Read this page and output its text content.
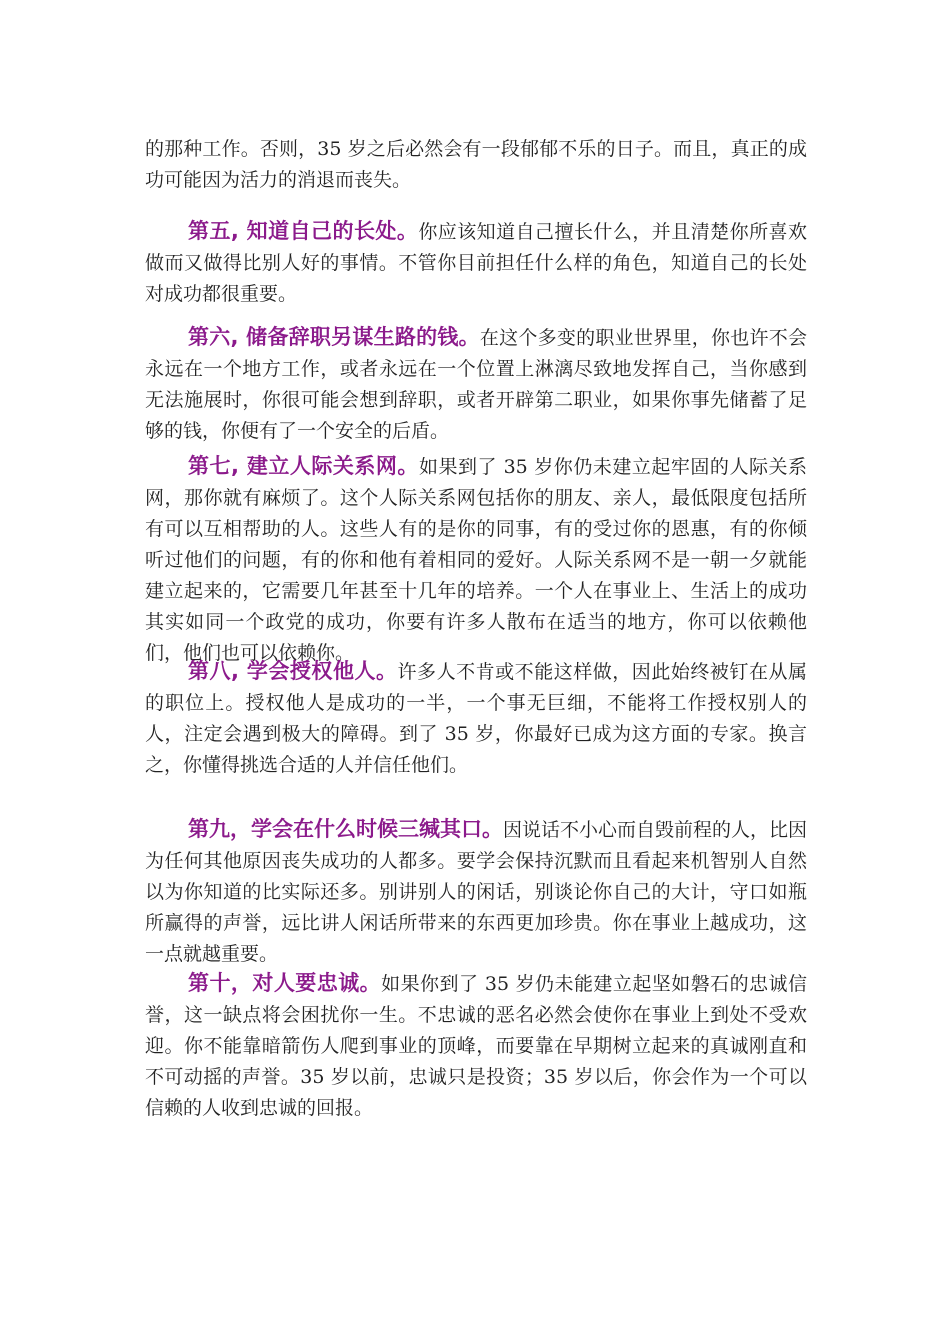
的那种工作。否则，35 岁之后必然会有一段郁郁不乐的日子。而且，真正的成功可能因为活力的消退而丧失。

第五, 知道自己的长处。你应该知道自己擅长什么，并且清楚你所喜欢做而又做得比别人好的事情。不管你目前担任什么样的角色，知道自己的长处对成功都很重要。

第六, 储备辞职另谋生路的钱。在这个多变的职业世界里，你也许不会永远在一个地方工作，或者永远在一个位置上淋漓尽致地发挥自己，当你感到无法施展时，你很可能会想到辞职，或者开辟第二职业，如果你事先储蓄了足够的钱，你便有了一个安全的后盾。

第七, 建立人际关系网。如果到了 35 岁你仍未建立起牢固的人际关系网，那你就有麻烦了。这个人际关系网包括你的朋友、亲人，最低限度包括所有可以互相帮助的人。这些人有的是你的同事，有的受过你的恩惠，有的你倾听过他们的问题，有的你和他有着相同的爱好。人际关系网不是一朝一夕就能建立起来的，它需要几年甚至十几年的培养。一个人在事业上、生活上的成功其实如同一个政党的成功，你要有许多人散布在适当的地方，你可以依赖他们，他们也可以依赖你。

第八, 学会授权他人。许多人不肯或不能这样做，因此始终被钉在从属的职位上。授权他人是成功的一半，一个事无巨细，不能将工作授权别人的人，注定会遇到极大的障碍。到了 35 岁，你最好已成为这方面的专家。换言之，你懂得挑选合适的人并信任他们。

第九，学会在什么时候三缄其口。因说话不小心而自毁前程的人，比因为任何其他原因丧失成功的人都多。要学会保持沉默而且看起来机智别人自然以为你知道的比实际还多。别讲别人的闲话，别谈论你自己的大计，守口如瓶所赢得的声誉，远比讲人闲话所带来的东西更加珍贵。你在事业上越成功，这一点就越重要。

第十，对人要忠诚。如果你到了 35 岁仍未能建立起坚如磐石的忠诚信誉，这一缺点将会困扰你一生。不忠诚的恶名必然会使你在事业上到处不受欢迎。你不能靠暗箭伤人爬到事业的顶峰，而要靠在早期树立起来的真诚刚直和不可动摇的声誉。35 岁以前，忠诚只是投资；35 岁以后，你会作为一个可以信赖的人收到忠诚的回报。
